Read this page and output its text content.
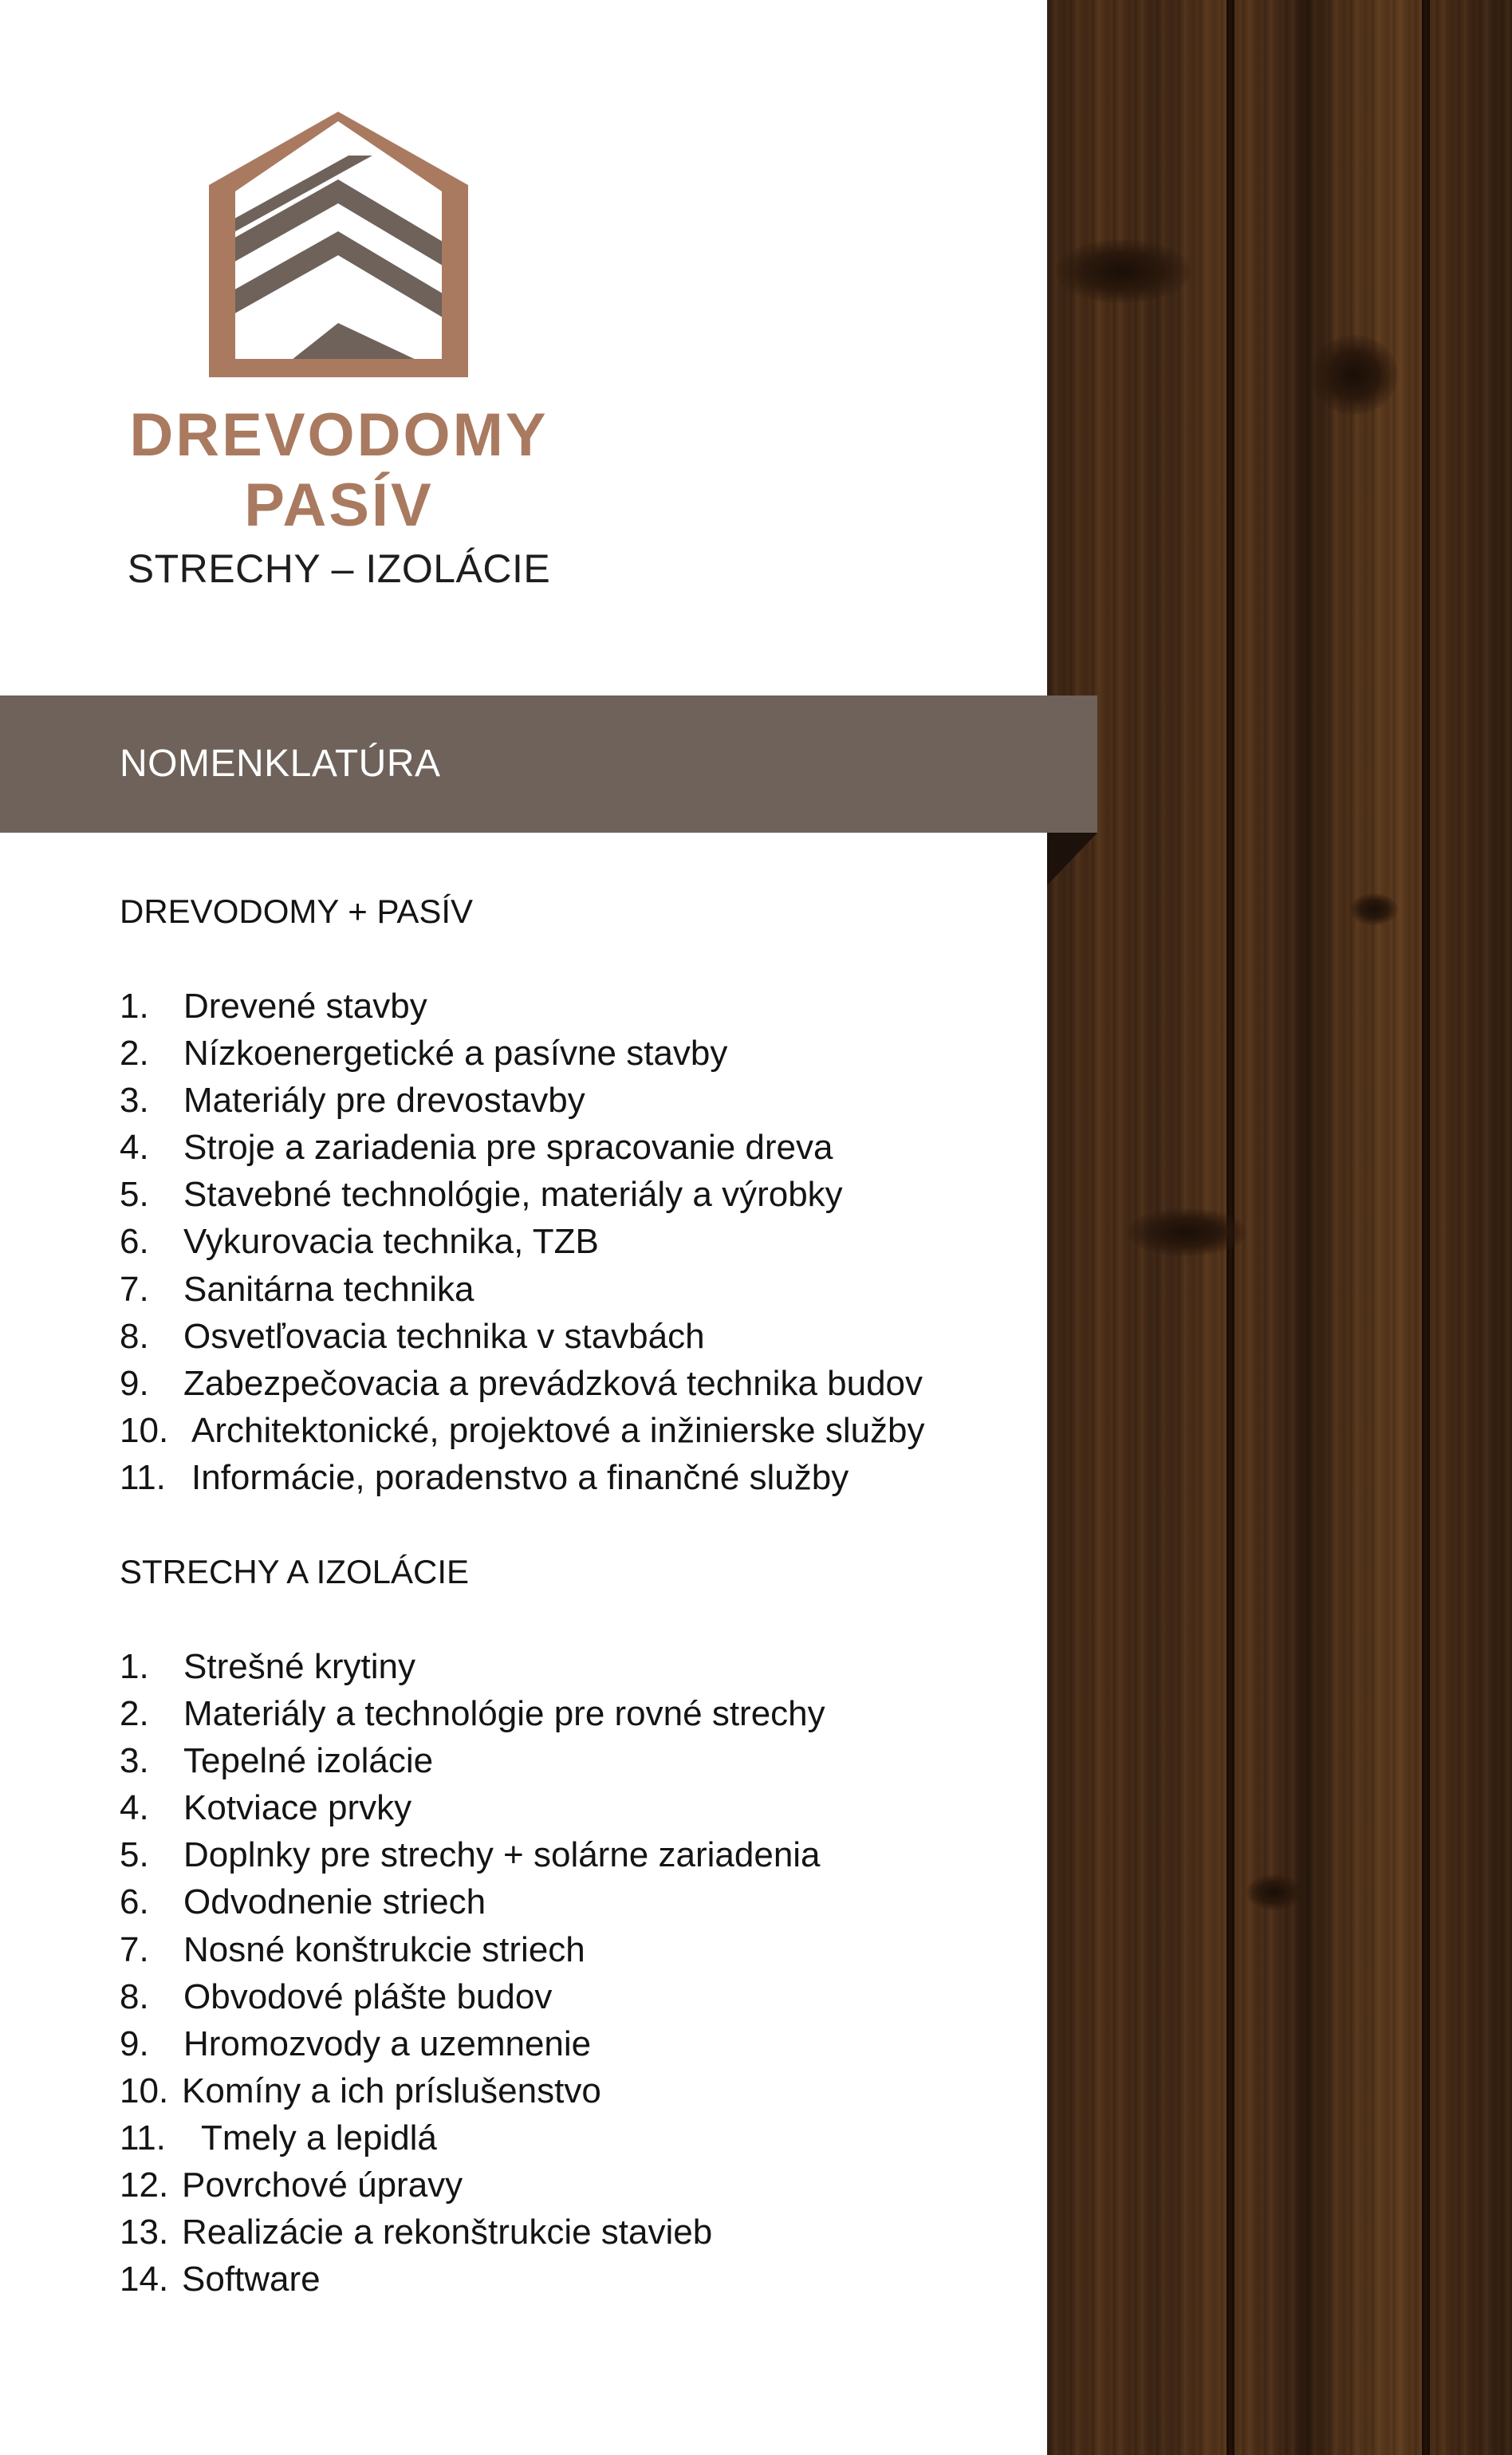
DREVODOMY
PASÍV
STRECHY – IZOLÁCIE
NOMENKLATÚRA
DREVODOMY + PASÍV
1. Drevené stavby
2. Nízkoenergetické a pasívne stavby
3. Materiály pre drevostavby
4. Stroje a zariadenia pre spracovanie dreva
5. Stavebné technológie, materiály a výrobky
6. Vykurovacia technika, TZB
7. Sanitárna technika
8. Osvetľovacia technika v stavbách
9. Zabezpečovacia a prevádzková technika budov
10. Architektonické, projektové a inžinierske služby
11. Informácie, poradenstvo a finančné služby
STRECHY A IZOLÁCIE
1. Strešné krytiny
2. Materiály a technológie pre rovné strechy
3. Tepelné izolácie
4. Kotviace prvky
5. Doplnky pre strechy + solárne zariadenia
6. Odvodnenie striech
7. Nosné konštrukcie striech
8. Obvodové plášte budov
9. Hromozvody a uzemnenie
10. Komíny a ich príslušenstvo
11. Tmely a lepidlá
12. Povrchové úpravy
13. Realizácie a rekonštrukcie stavieb
14. Software
